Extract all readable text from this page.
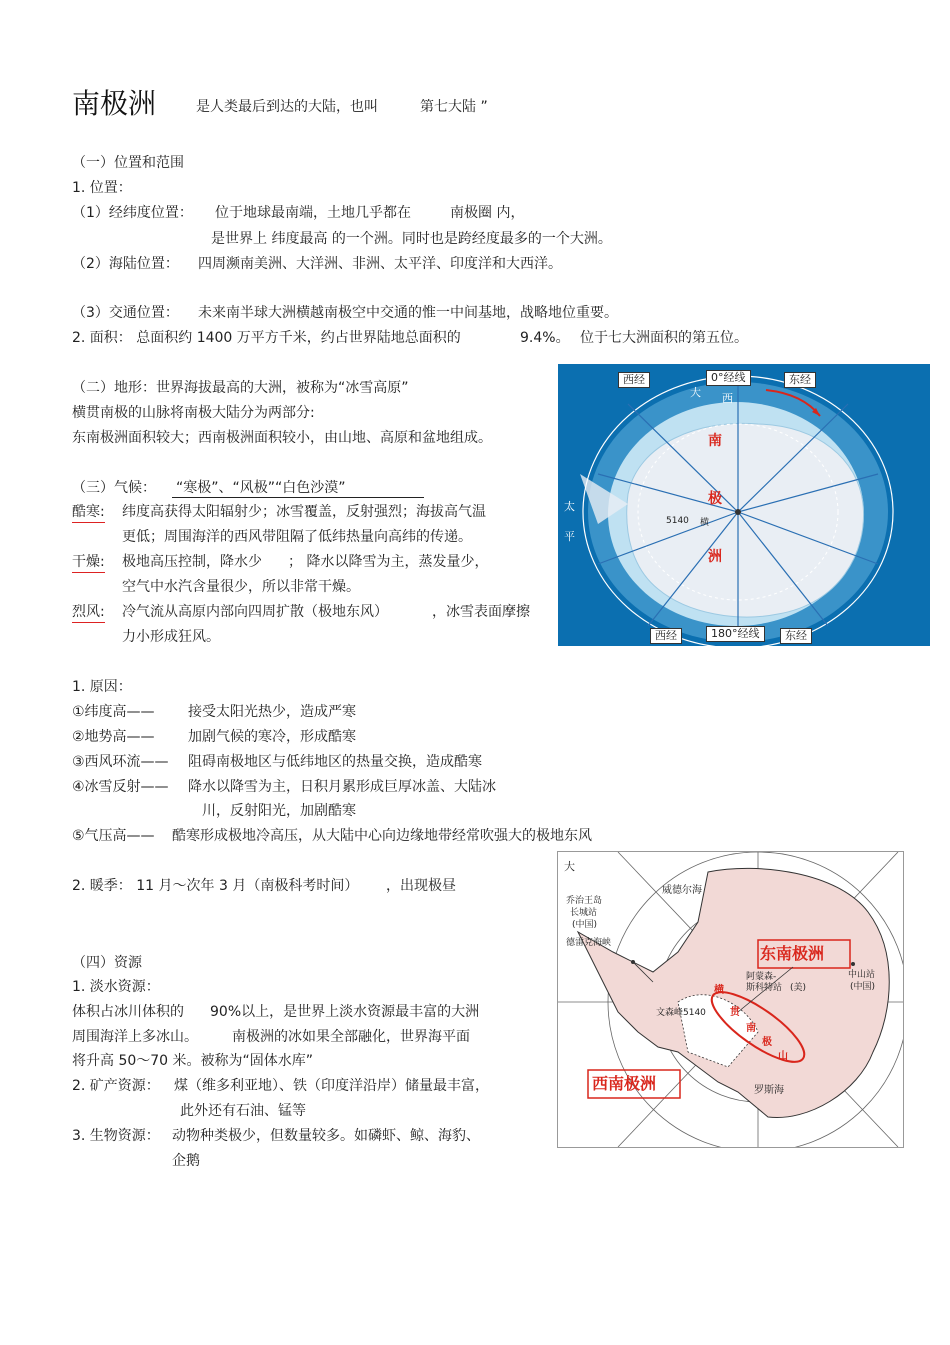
南极洲	是人类最后到达的大陆，也叫	第七大陆 ”
（一）位置和范围
1. 位置：
（1）经纬度位置： 位于地球最南端，土地几乎都在	南极圈 内，
是世界上 纬度最高 的一个洲。同时也是跨经度最多的一个大洲。
（2）海陆位置： 四周濒南美洲、大洋洲、非洲、太平洋、印度洋和大西洋。
（3）交通位置： 未来南半球大洲横越南极空中交通的惟一中间基地，战略地位重要。
2. 面积： 总面积约 1400 万平方千米，约占世界陆地总面积的	9.4%。 位于七大洲面积的第五位。
（二）地形：世界海拔最高的大洲，被称为“冰雪高原”
横贯南极的山脉将南极大陆分为两部分:
东南极洲面积较大；西南极洲面积较小，由山地、高原和盆地组成。
（三）气候： “寒极”、“风极”“白色沙漠”
酷寒: 纬度高获得太阳辐射少；冰雪覆盖，反射强烈；海拔高气温
更低；周围海洋的西风带阻隔了低纬热量向高纬的传递。
干燥: 极地高压控制，降水少 ； 降水以降雪为主，蒸发量少，
空气中水汽含量很少，所以非常干燥。
烈风: 冷气流从高原内部向四周扩散（极地东风）	，冰雪表面摩擦
力小形成狂风。
1. 原因：
①纬度高—— 接受太阳光热少，造成严寒
②地势高—— 加剧气候的寒冷，形成酷寒
③西风环流—— 阻碍南极地区与低纬地区的热量交换，造成酷寒
④冰雪反射—— 降水以降雪为主，日积月累形成巨厚冰盖、大陆冰
川，反射阳光，加剧酷寒
⑤气压高—— 酷寒形成极地冷高压，从大陆中心向边缘地带经常吹强大的极地东风
2. 暖季： 11 月～次年 3 月（南极科考时间） ，出现极昼
（四）资源
1. 淡水资源：
体积占冰川体积的 90%以上，是世界上淡水资源最丰富的大洲
周围海洋上多冰山。 南极洲的冰如果全部融化，世界海平面
将升高 50～70 米。被称为“固体水库”
2. 矿产资源： 煤（维多利亚地）、铁（印度洋沿岸）储量最丰富，
此外还有石油、锰等
3. 生物资源： 动物种类极少，但数量较多。如磷虾、鲸、海豹、
企鹅
西经	0°经线	东经
西经	180°经线	东经
大 西
太
平
南
极
洲
5140 横
东南极洲
西南极洲
乔治王岛
长城站
(中国)
德雷克海峡
中山站
(中国)
阿蒙森-
斯科特站 (美)
文森峰5140
威德尔海
罗斯海
大
横
贯
南
极
山
